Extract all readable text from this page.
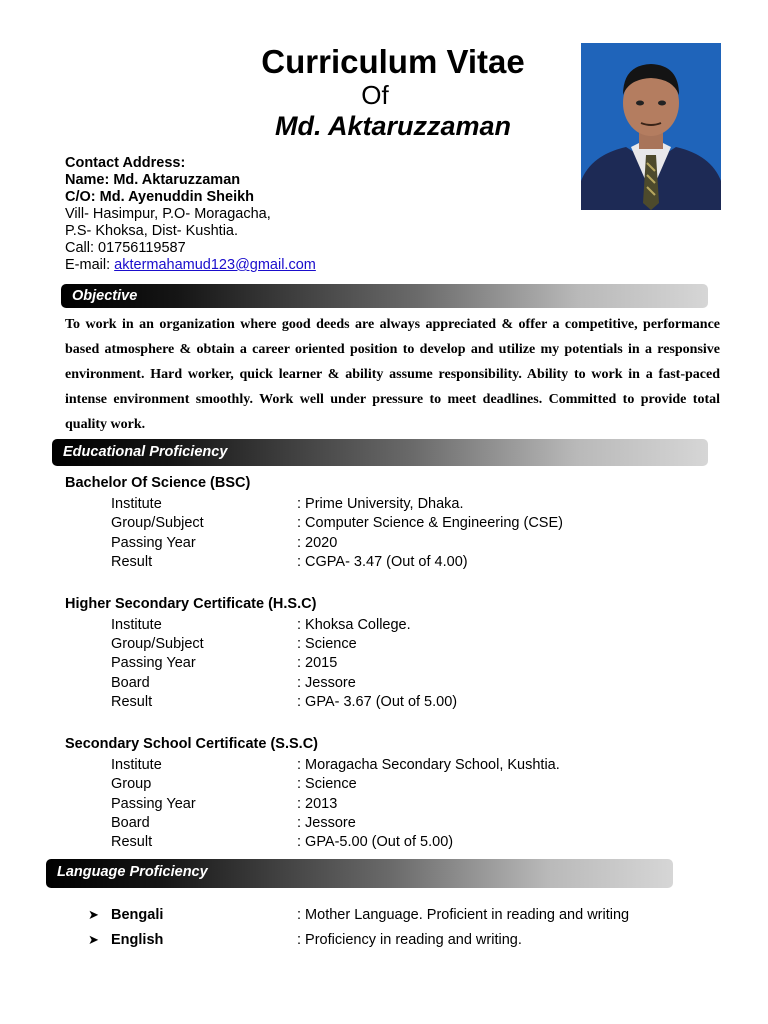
Curriculum Vitae
Of
Md. Aktaruzzaman
Contact Address:
Name: Md. Aktaruzzaman
C/O: Md. Ayenuddin Sheikh
Vill- Hasimpur, P.O- Moragacha,
P.S- Khoksa, Dist- Kushtia.
Call: 01756119587
E-mail: aktermahamud123@gmail.com
Objective
To work in an organization where good deeds are always appreciated & offer a competitive, performance based atmosphere & obtain a career oriented position to develop and utilize my potentials in a responsive environment. Hard worker, quick learner & ability assume responsibility. Ability to work in a fast-paced intense environment smoothly. Work well under pressure to meet deadlines. Committed to provide total quality work.
Educational Proficiency
Bachelor Of Science (BSC)
Institute	: Prime University, Dhaka.
Group/Subject	: Computer Science & Engineering (CSE)
Passing Year	: 2020
Result	: CGPA- 3.47 (Out of 4.00)
Higher Secondary Certificate (H.S.C)
Institute	: Khoksa College.
Group/Subject	: Science
Passing Year	: 2015
Board	: Jessore
Result	: GPA- 3.67 (Out of 5.00)
Secondary School Certificate (S.S.C)
Institute	: Moragacha Secondary School, Kushtia.
Group	: Science
Passing Year	: 2013
Board	: Jessore
Result	: GPA-5.00 (Out of 5.00)
Language Proficiency
➤ Bengali	: Mother Language. Proficient in reading and writing
➤ English	: Proficiency in reading and writing.
